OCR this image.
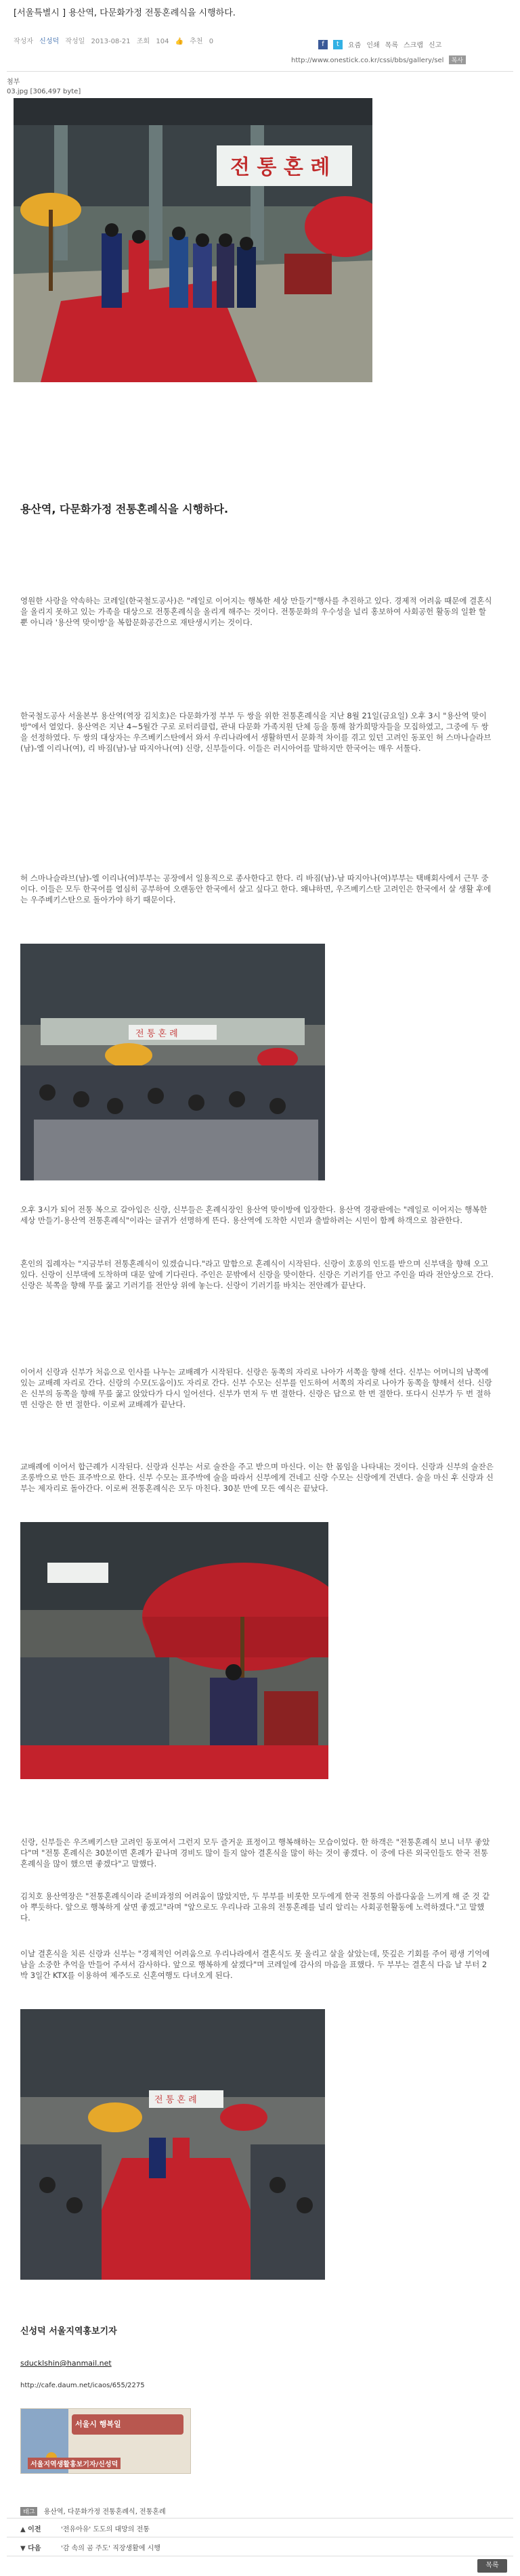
[서울특별시 ] 용산역, 다문화가정 전통혼례식을 시행하다.
작성자 신성덕 작성일 2013-08-21 조회 104 👍 추천 0	f	t	요즘 인쇄 목록 스크랩 신고
http://www.onestick.co.kr/cssi/bbs/gallery/sel 복사
첨부
03.jpg [306,497 byte]
전 통 혼 례
용산역, 다문화가정 전통혼례식을 시행하다.

영원한 사랑을 약속하는 코레일(한국철도공사)은 "레일로 이어지는 행복한 세상 만들기"행사를 추진하고 있다. 경제적 어려움 때문에 결혼식을 올리지 못하고 있는 가족을 대상으로 전통혼례식을 올리게 해주는 것이다. 전통문화의 우수성을 널리 홍보하여 사회공헌 활동의 일환 할 뿐 아니라 '용산역 맞이방'을 복합문화공간으로 재탄생시키는 것이다.

한국철도공사 서울본부 용산역(역장 김치호)은 다문화가정 부부 두 쌍을 위한 전통혼례식을 지난 8월 21일(금요일) 오후 3시 "용산역 맞이방"에서 열었다. 용산역은 지난 4~5월간 구로 로터리클럽, 관내 다문화 가족지원 단체 등을 통해 참가희망자들을 모집하였고, 그중에 두 쌍을 선정하였다. 두 쌍의 대상자는 우즈베키스탄에서 와서 우리나라에서 생활하면서 문화적 차이를 겪고 있던 고려인 동포인 허 스마나슬라브(남)-엘 이리나(여), 리 바짐(남)-남 따지아나(여) 신랑, 신부들이다. 이들은 러시아어를 말하지만 한국어는 매우 서툴다.

허 스마나슬라브(남)-엘 이리나(여)부부는 공장에서 일용직으로 종사한다고 한다. 리 바짐(남)-남 따지아나(여)부부는 택배회사에서 근무 중이다. 이들은 모두 한국어를 열심히 공부하여 오랜동안 한국에서 살고 싶다고 한다. 왜냐하면, 우즈베키스탄 고려인은 한국에서 살 생활 후에는 우주베키스탄으로 돌아가야 하기 때문이다.

전 통 혼 례

오후 3시가 되어 전통 복으로 갈아입은 신랑, 신부들은 혼례식장인 용산역 맞이방에 입장한다. 용산역 경광판에는 "레일로 이어지는 행복한세상 만들기-용산역 전통혼례식"이라는 글귀가 선명하게 뜬다. 용산역에 도착한 시민과 출발하려는 시민이 함께 하객으로 참관한다.

혼인의 집례자는 "지금부터 전통혼례식이 있겠습니다."라고 말함으로 혼례식이 시작된다. 신랑이 호롱의 인도를 받으며 신부댁을 향해 오고 있다. 신랑이 신부댁에 도착하며 대문 앞에 기다린다. 주인은 문밖에서 신랑을 맞이한다. 신랑은 기러기를 안고 주인을 따라 전안상으로 간다. 신랑은 북쪽을 향해 무릎 꿇고 기러기를 전안상 위에 놓는다. 신랑이 기러기를 바치는 전안례가 끝난다.

이어서 신랑과 신부가 처음으로 인사를 나누는 교배례가 시작된다. 신랑은 동쪽의 자리로 나아가 서쪽을 향해 선다. 신부는 어머니의 남쪽에 있는 교배례 자리로 간다. 신랑의 수모(도움이)도 자리로 간다. 신부 수모는 신부를 인도하여 서쪽의 자리로 나아가 동쪽을 향해서 선다. 신랑은 신부의 동쪽을 향해 무릎 꿇고 앉았다가 다시 일어선다. 신부가 먼저 두 번 절한다. 신랑은 답으로 한 번 절한다. 또다시 신부가 두 번 절하면 신랑은 한 번 절한다. 이로써 교배례가 끝난다.

교배례에 이어서 합근례가 시작된다. 신랑과 신부는 서로 술잔을 주고 받으며 마신다. 이는 한 몸임을 나타내는 것이다. 신랑과 신부의 술잔은 조롱박으로 만든 표주박으로 한다. 신부 수모는 표주박에 술을 따라서 신부에게 건네고 신랑 수모는 신랑에게 건넨다. 술을 마신 후 신랑과 신부는 제자리로 돌아간다. 이로써 전통혼례식은 모두 마친다. 30분 만에 모든 예식은 끝났다.

신랑, 신부들은 우즈베키스탄 고려인 동포여서 그런지 모두 즐거운 표정이고 행복해하는 모습이었다. 한 하객은 "전통혼례식 보니 너무 좋았다"며 "전통 혼례식은 30분이면 혼례가 끝나며 경비도 많이 들지 않아 결혼식을 많이 하는 것이 좋겠다. 이 중에 다른 외국인들도 한국 전통혼례식을 많이 했으면 좋겠다"고 말했다.

김치호 용산역장은 "전통혼례식이라 준비과정의 어려움이 많았지만, 두 부부를 비롯한 모두에게 한국 전통의 아름다움을 느끼게 해 준 것 같아 뿌듯하다. 앞으로 행복하게 살면 좋겠고"라며 "앞으로도 우리나라 고유의 전통혼례를 널리 알리는 사회공헌활동에 노력하겠다."고 말했다.

이날 결혼식을 치른 신랑과 신부는 "경제적인 어려움으로 우리나라에서 결혼식도 못 올리고 살을 살았는데, 뜻깊은 기회를 주어 평생 기억에 남을 소중한 추억을 만들어 주셔서 감사하다. 앞으로 행복하게 살겠다"며 코레일에 감사의 마음을 표했다. 두 부부는 결혼식 다음 날 부터 2박 3일간 KTX를 이용하여 제주도로 신혼여행도 다녀오게 된다.

전 통 혼 례
신성덕 서울지역홍보기자
sducklshin@hanmail.net
http://cafe.daum.net/icaos/655/2275
서울시 행복일
서울지역생활홍보기자/신성덕
태그 용산역, 다문화가정 전통혼례식, 전통혼례
▲ 이전	'전유아유' 도도의 대망의 전통
▼ 다음	'감 속의 곰 주도' 직장생활에 시행
목록
